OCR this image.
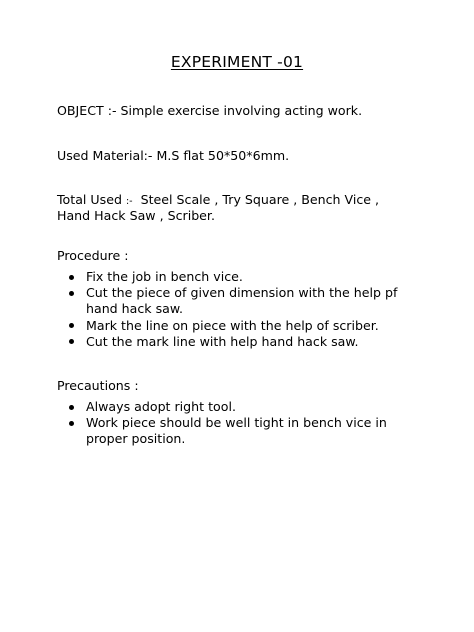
EXPERIMENT -01
OBJECT :- Simple exercise involving acting work.
Used Material:- M.S flat 50*50*6mm.
Total Used :- Steel Scale , Try Square , Bench Vice ,
Hand Hack Saw , Scriber.
Procedure :
Fix the job in bench vice.
Cut the piece of given dimension with the help pf
hand hack saw.
Mark the line on piece with the help of scriber.
Cut the mark line with help hand hack saw.
Precautions :
Always adopt right tool.
Work piece should be well tight in bench vice in
proper position.
